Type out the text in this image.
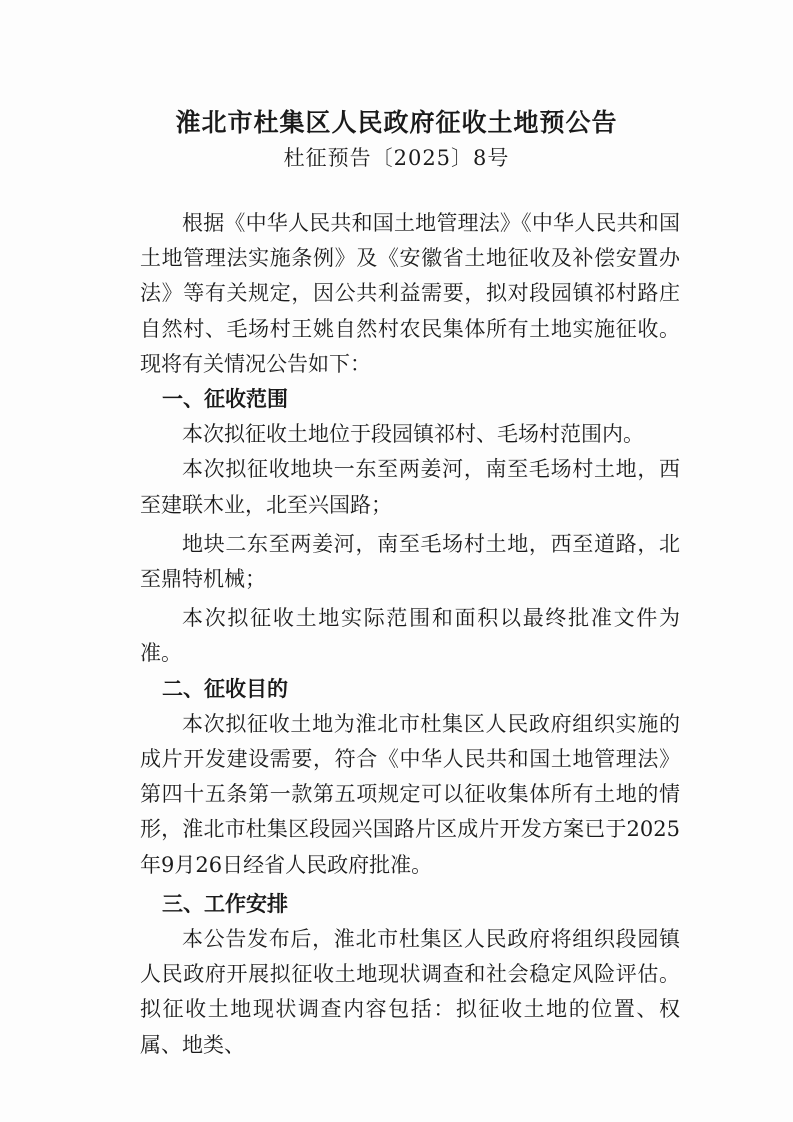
淮北市杜集区人民政府征收土地预公告
杜征预告〔2025〕8号

根据《中华人民共和国土地管理法》《中华人民共和国土地管理法实施条例》及《安徽省土地征收及补偿安置办法》等有关规定，因公共利益需要，拟对段园镇祁村路庄自然村、毛场村王姚自然村农民集体所有土地实施征收。现将有关情况公告如下：

一、征收范围

本次拟征收土地位于段园镇祁村、毛场村范围内。

本次拟征收地块一东至两姜河，南至毛场村土地，西至建联木业，北至兴国路；

地块二东至两姜河，南至毛场村土地，西至道路，北至鼎特机械；

本次拟征收土地实际范围和面积以最终批准文件为准。

二、征收目的

本次拟征收土地为淮北市杜集区人民政府组织实施的成片开发建设需要，符合《中华人民共和国土地管理法》第四十五条第一款第五项规定可以征收集体所有土地的情形，淮北市杜集区段园兴国路片区成片开发方案已于2025年9月26日经省人民政府批准。

三、工作安排

本公告发布后，淮北市杜集区人民政府将组织段园镇人民政府开展拟征收土地现状调查和社会稳定风险评估。拟征收土地现状调查内容包括：拟征收土地的位置、权属、地类、
